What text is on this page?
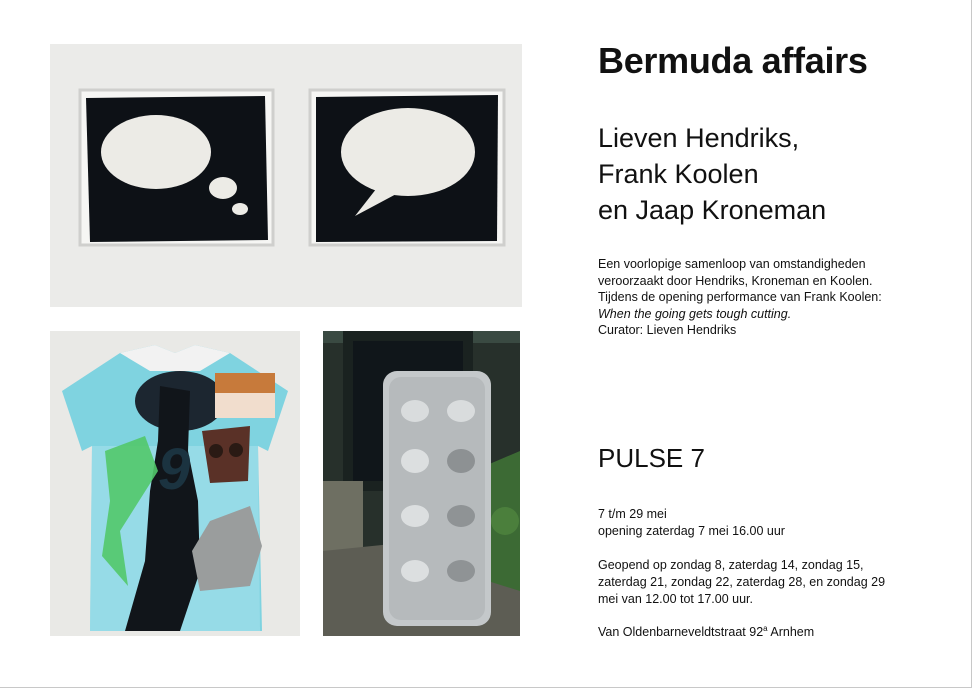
9
Bermuda affairs
Lieven Hendriks,
Frank Koolen
en Jaap Kroneman
Een voorlopige samenloop van omstandigheden
veroorzaakt door Hendriks, Kroneman en Koolen.
Tijdens de opening performance van Frank Koolen:
When the going gets tough cutting.
Curator: Lieven Hendriks
PULSE 7
7 t/m 29 mei
opening zaterdag 7 mei 16.00 uur
Geopend op zondag 8, zaterdag 14, zondag 15,
zaterdag 21, zondag 22, zaterdag 28, en zondag 29
mei van 12.00 tot 17.00 uur.
Van Oldenbarneveldtstraat 92$^a$ Arnhem
